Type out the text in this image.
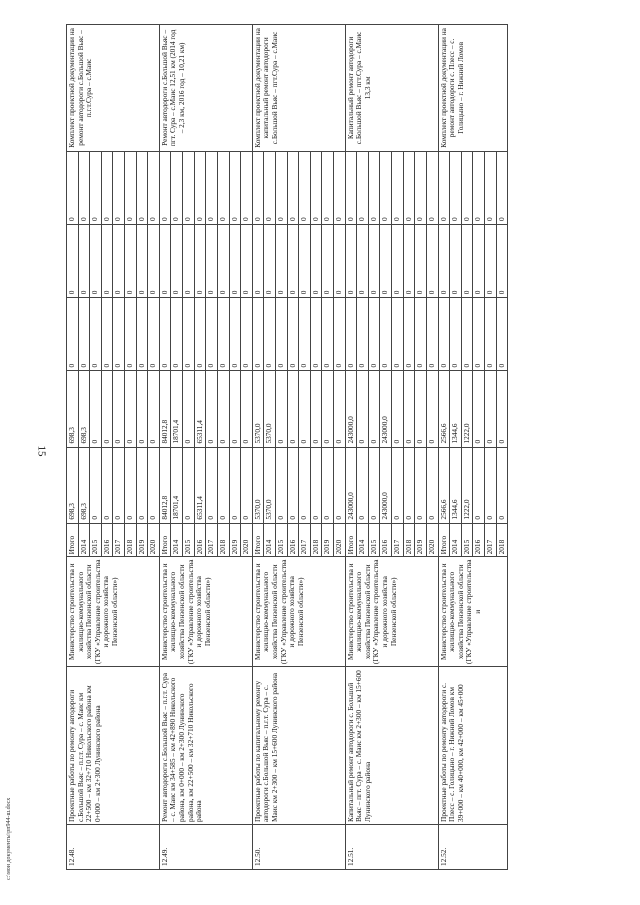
15
c:\мои документы\рп944-ш.docx	12.48.	Проектные работы по ремонту автодороги с.Большой Вьяс – п.г.т. Сура – с. Маис км 22+500 – км 32+710 Никольского района км 0+000 – км 2+300 Лунинского района	Министерство строительства и жилищно-коммунального хозяйства Пензенской области (ГКУ «Управление строительства и дорожного хозяйства Пензенской области»)	Итого	698,3	698,3	0	0	0	Комплект проектной документации на ремонт автодороги с.Большой Вьяс – п.г.т.Сура – с.Маис
			2014	698,3	698,3	0	0	0	
			2015	0	0	0	0	0	
			2016	0	0	0	0	0	
			2017	0	0	0	0	0	
			2018	0	0	0	0	0	
			2019	0	0	0	0	0	
			2020	0	0	0	0	0	
12.49.	Ремонт автодороги с.Большой Вьяс – п.г.т. Сура – с. Маис км 34+585 – км 42+890 Никольского района, км 0+000 – км 2+300 Лунинского района, км 22+500 – км 32+710 Никольского района	Министерство строительства и жилищно-коммунального хозяйства Пензенской области (ГКУ «Управление строительства и дорожного хозяйства Пензенской области»)	Итого	84012,8	84012,8	0	0	0	Ремонт автодороги с.Большой Вьяс – пгт. Сура – с.Маис 12,51 км (2014 год – 2,3 км, 2016 год – 10,21 км)
			2014	18701,4	18701,4	0	0	0	
			2015	0	0	0	0	0	
			2016	65311,4	65311,4	0	0	0	
			2017	0	0	0	0	0	
			2018	0	0	0	0	0	
			2019	0	0	0	0	0	
			2020	0	0	0	0	0	
12.50.	Проектные работы по капитальному ремонту автодороги с.Большой Вьяс – п.г.т. Сура – с. Маис км 2+300 – км 15+600 Лунинского района	Министерство строительства и жилищно-коммунального хозяйства Пензенской области (ГКУ «Управление строительства и дорожного хозяйства Пензенской области»)	Итого	5370,0	5370,0	0	0	0	Комплект проектной документации на капитальный ремонт автодороги с.Большой Вьяс – пгт.Сура – с.Маис
			2014	5370,0	5370,0	0	0	0	
			2015	0	0	0	0	0	
			2016	0	0	0	0	0	
			2017	0	0	0	0	0	
			2018	0	0	0	0	0	
			2019	0	0	0	0	0	
			2020	0	0	0	0	0	
12.51.	Капитальный ремонт автодороги с. Большой Вьяс – пгт. Сура – с. Маис км 2+300 – км 15+600 Лунинского района	Министерство строительства и жилищно-коммунального хозяйства Пензенской области (ГКУ «Управление строительства и дорожного хозяйства Пензенской области»)	Итого	243000,0	243000,0	0	0	0	Капитальный ремонт автодороги с.Большой Вьяс – пгт.Сура – с.Маис 13,3 км
			2014	0	0	0	0	0	
			2015	0	0	0	0	0	
			2016	243000,0	243000,0	0	0	0	
			2017	0	0	0	0	0	
			2018	0	0	0	0	0	
			2019	0	0	0	0	0	
			2020	0	0	0	0	0	
12.52.	Проектные работы по ремонту автодороги с. Плесс – с. Голицыно – г. Нижний Ломов км 39+000 – км 40+000, км 42+000 – км 45+000	Министерство строительства и жилищно-коммунального хозяйства Пензенской области (ГКУ «Управление строительства и	Итого	2566,6	2566,6	0	0	0	Комплект проектной документации на ремонт автодороги с. Плесс – с. Голицыно – г. Нижний Ломов
			2014	1344,6	1344,6	0	0	0	
			2015	1222,0	1222,0	0	0	0	
			2016	0	0	0	0	0	
			2017	0	0	0	0	0	
			2018	0	0	0	0	0	
